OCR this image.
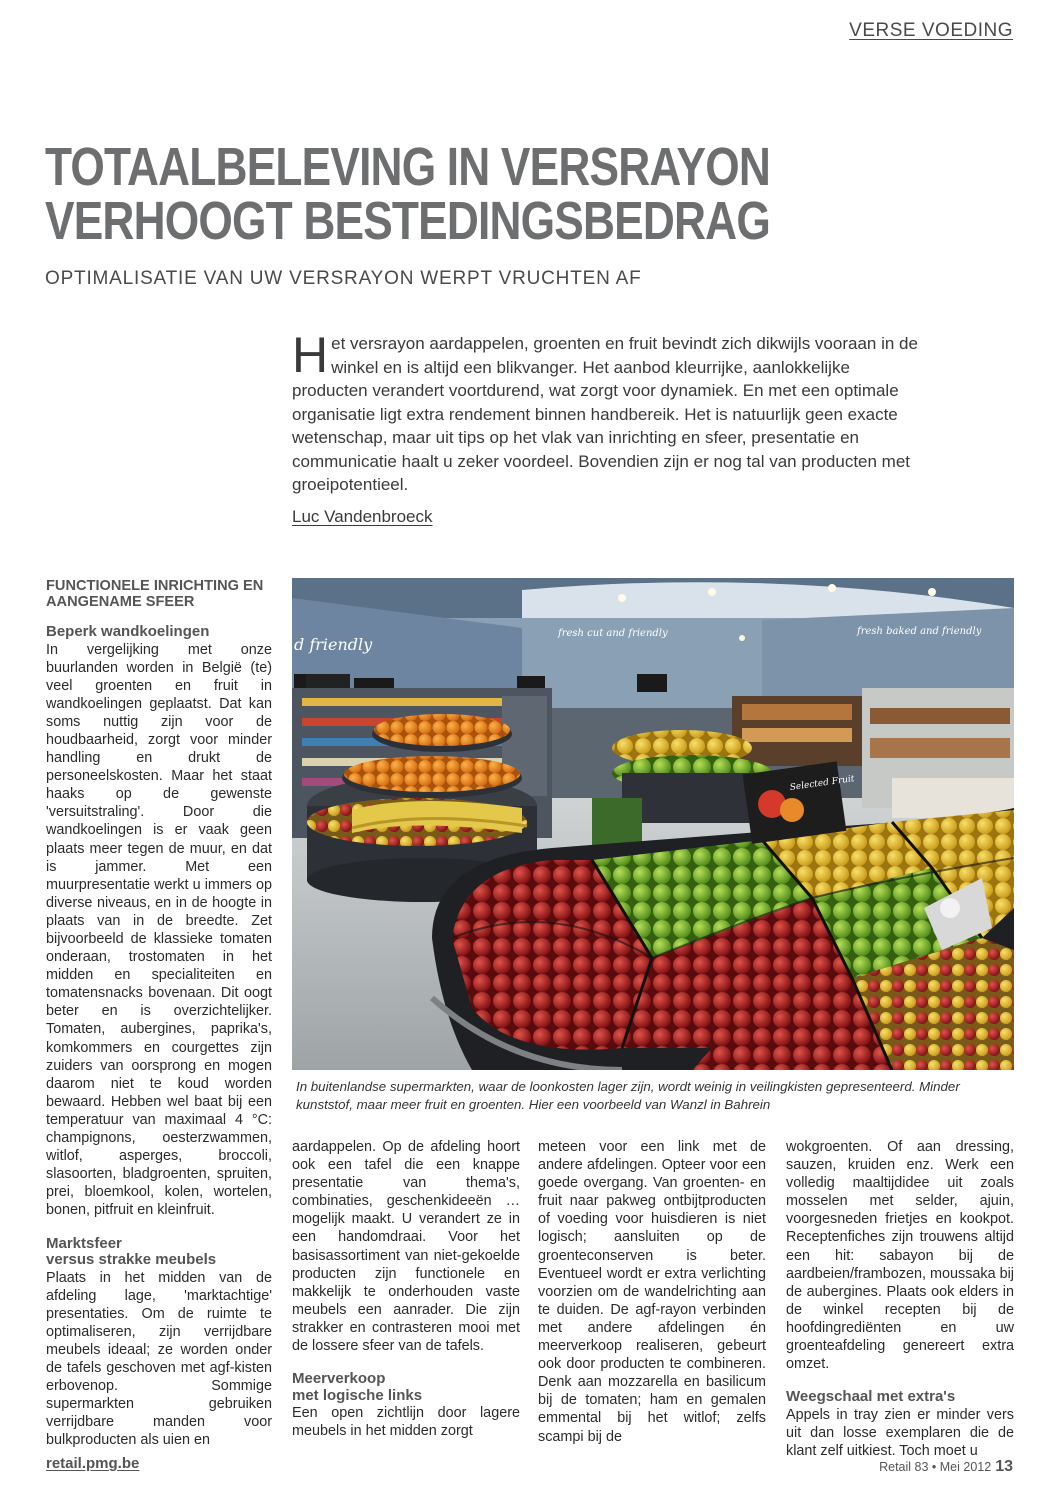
VERSE VOEDING
TOTAALBELEVING IN VERSRAYON
VERHOOGT BESTEDINGSBEDRAG
OPTIMALISATIE VAN UW VERSRAYON WERPT VRUCHTEN AF
Het versrayon aardappelen, groenten en fruit bevindt zich dikwijls vooraan in de winkel en is altijd een blikvanger. Het aanbod kleurrijke, aanlokkelijke producten verandert voortdurend, wat zorgt voor dynamiek. En met een optimale organisatie ligt extra rendement binnen handbereik. Het is natuurlijk geen exacte wetenschap, maar uit tips op het vlak van inrichting en sfeer, presentatie en communicatie haalt u zeker voordeel. Bovendien zijn er nog tal van producten met groeipotentieel.
Luc Vandenbroeck
FUNCTIONELE INRICHTING EN AANGENAME SFEER
Beperk wandkoelingen

In vergelijking met onze buurlanden worden in België (te) veel groenten en fruit in wandkoelingen geplaatst. Dat kan soms nuttig zijn voor de houdbaarheid, zorgt voor minder handling en drukt de personeelskosten. Maar het staat haaks op de gewenste 'versuitstraling'. Door die wandkoelingen is er vaak geen plaats meer tegen de muur, en dat is jammer. Met een muurpresentatie werkt u immers op diverse niveaus, en in de hoogte in plaats van in de breedte. Zet bijvoorbeeld de klassieke tomaten onderaan, trostomaten in het midden en specialiteiten en tomatensnacks bovenaan. Dit oogt beter en is overzichtelijker. Tomaten, aubergines, paprika's, komkommers en courgettes zijn zuiders van oorsprong en mogen daarom niet te koud worden bewaard. Hebben wel baat bij een temperatuur van maximaal 4 °C: champignons, oesterzwammen, witlof, asperges, broccoli, slasoorten, bladgroenten, spruiten, prei, bloemkool, kolen, wortelen, bonen, pitfruit en kleinfruit.

Marktsfeer
versus strakke meubels

Plaats in het midden van de afdeling lage, 'marktachtige' presentaties. Om de ruimte te optimaliseren, zijn verrijdbare meubels ideaal; ze worden onder de tafels geschoven met agf-kisten erbovenop. Sommige supermarkten gebruiken verrijdbare manden voor bulkproducten als uien en

d friendly
fresh cut and friendly	fresh baked and friendly
Selected Fruit
In buitenlandse supermarkten, waar de loonkosten lager zijn, wordt weinig in veilingkisten gepresenteerd. Minder kunststof, maar meer fruit en groenten. Hier een voorbeeld van Wanzl in Bahrein

aardappelen. Op de afdeling hoort ook een tafel die een knappe presentatie van thema's, combinaties, geschenkideeën … mogelijk maakt. U verandert ze in een handomdraai. Voor het basisassortiment van niet-gekoelde producten zijn functionele en makkelijk te onderhouden vaste meubels een aanrader. Die zijn strakker en contrasteren mooi met de lossere sfeer van de tafels.

Meerverkoop
met logische links

Een open zichtlijn door lagere meubels in het midden zorgt

meteen voor een link met de andere afdelingen. Opteer voor een goede overgang. Van groenten- en fruit naar pakweg ontbijtproducten of voeding voor huisdieren is niet logisch; aansluiten op de groenteconserven is beter. Eventueel wordt er extra verlichting voorzien om de wandelrichting aan te duiden. De agf-rayon verbinden met andere afdelingen én meerverkoop realiseren, gebeurt ook door producten te combineren. Denk aan mozzarella en basilicum bij de tomaten; ham en gemalen emmental bij het witlof; zelfs scampi bij de

wokgroenten. Of aan dressing, sauzen, kruiden enz. Werk een volledig maaltijdidee uit zoals mosselen met selder, ajuin, voorgesneden frietjes en kookpot. Receptenfiches zijn trouwens altijd een hit: sabayon bij de aardbeien/frambozen, moussaka bij de aubergines. Plaats ook elders in de winkel recepten bij de hoofdingrediënten en uw groenteafdeling genereert extra omzet.

Weegschaal met extra's

Appels in tray zien er minder vers uit dan losse exemplaren die de klant zelf uitkiest. Toch moet u

retail.pmg.be	Retail 83 • Mei 2012 13
